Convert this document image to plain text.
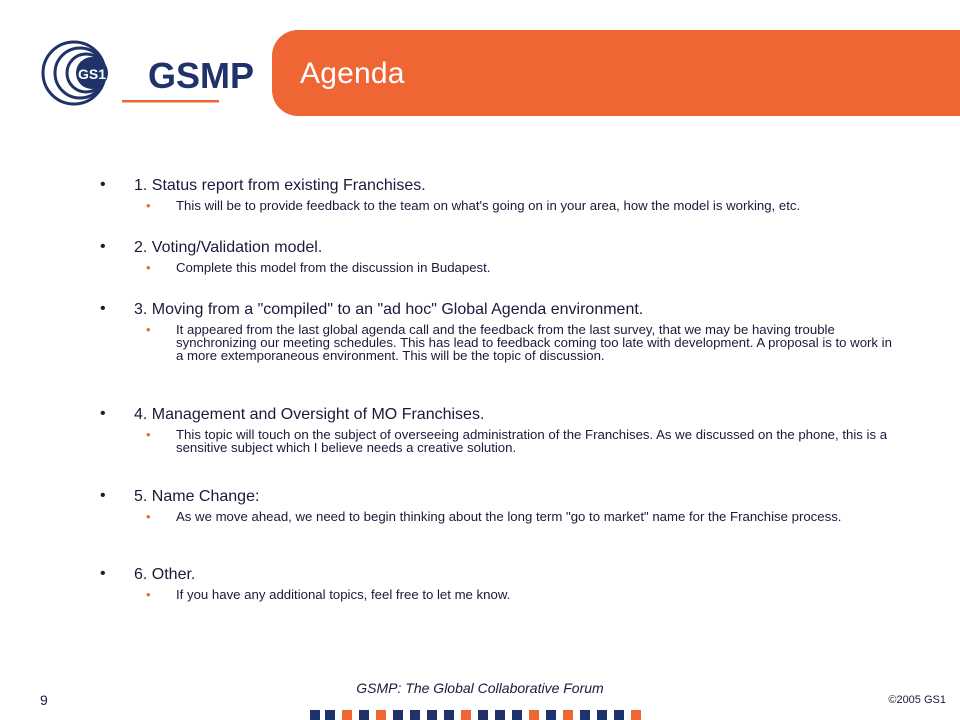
GS1 GSMP Agenda
• 1. Status report from existing Franchises.
• This will be to provide feedback to the team on what's going on in your area, how the model is working, etc.
• 2. Voting/Validation model.
• Complete this model from the discussion in Budapest.
• 3. Moving from a "compiled" to an "ad hoc" Global Agenda environment.
• It appeared from the last global agenda call and the feedback from the last survey, that we may be having trouble synchronizing our meeting schedules. This has lead to feedback coming too late with development. A proposal is to work in a more extemporaneous environment. This will be the topic of discussion.
• 4. Management and Oversight of MO Franchises.
• This topic will touch on the subject of overseeing administration of the Franchises. As we discussed on the phone, this is a sensitive subject which I believe needs a creative solution.
• 5. Name Change:
• As we move ahead, we need to begin thinking about the long term "go to market" name for the Franchise process.
• 6. Other.
• If you have any additional topics, feel free to let me know.
GSMP: The Global Collaborative Forum
9	©2005 GS1
